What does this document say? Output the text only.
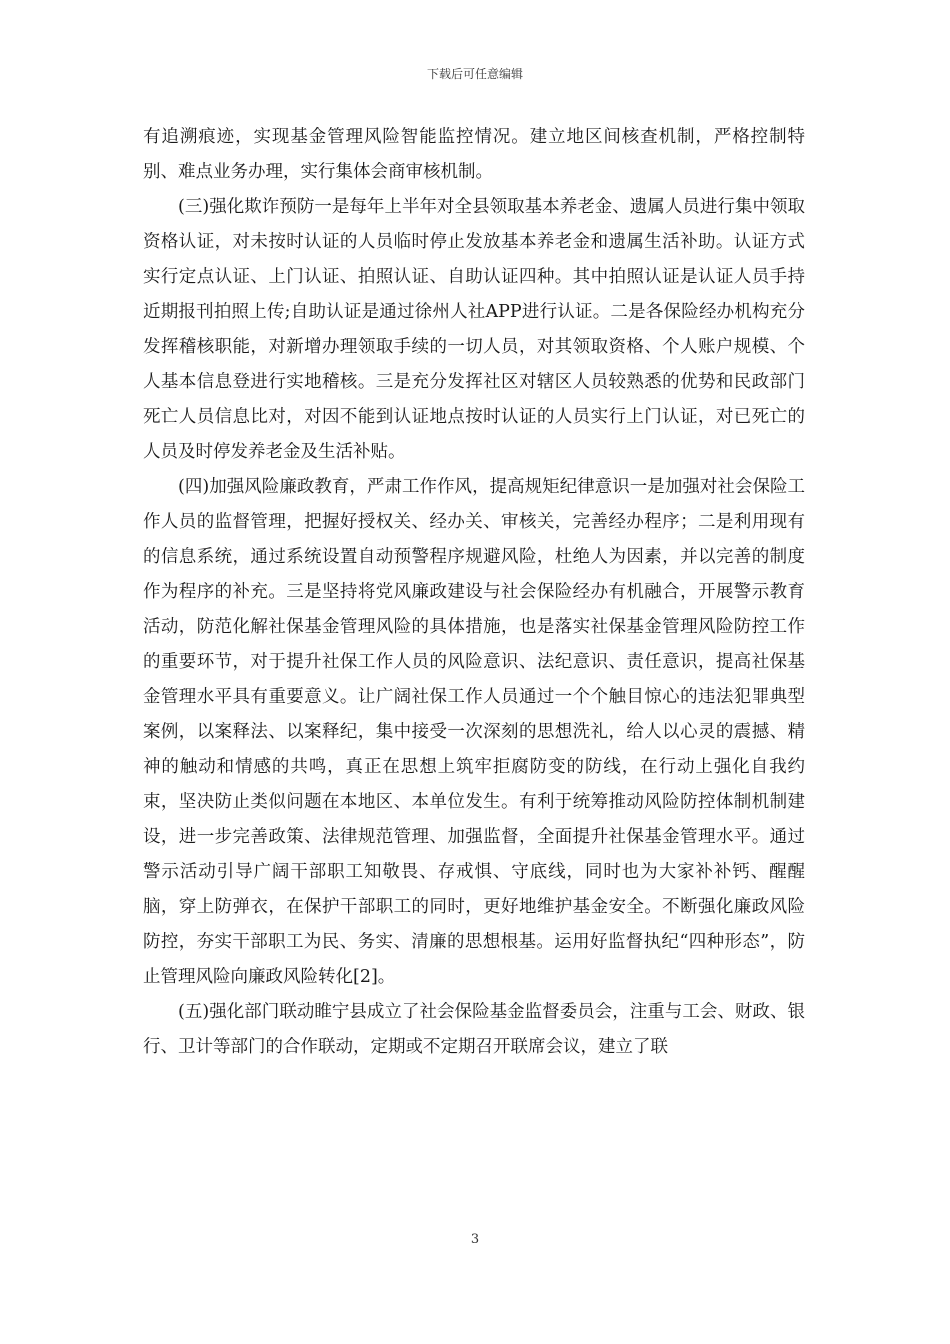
下载后可任意编辑

有追溯痕迹，实现基金管理风险智能监控情况。建立地区间核查机制，严格控制特别、难点业务办理，实行集体会商审核机制。

(三)强化欺诈预防一是每年上半年对全县领取基本养老金、遗属人员进行集中领取资格认证，对未按时认证的人员临时停止发放基本养老金和遗属生活补助。认证方式实行定点认证、上门认证、拍照认证、自助认证四种。其中拍照认证是认证人员手持近期报刊拍照上传;自助认证是通过徐州人社APP进行认证。二是各保险经办机构充分发挥稽核职能，对新增办理领取手续的一切人员，对其领取资格、个人账户规模、个人基本信息登进行实地稽核。三是充分发挥社区对辖区人员较熟悉的优势和民政部门死亡人员信息比对，对因不能到认证地点按时认证的人员实行上门认证，对已死亡的人员及时停发养老金及生活补贴。

(四)加强风险廉政教育，严肃工作作风，提高规矩纪律意识一是加强对社会保险工作人员的监督管理，把握好授权关、经办关、审核关，完善经办程序；二是利用现有的信息系统，通过系统设置自动预警程序规避风险，杜绝人为因素，并以完善的制度作为程序的补充。三是坚持将党风廉政建设与社会保险经办有机融合，开展警示教育活动，防范化解社保基金管理风险的具体措施，也是落实社保基金管理风险防控工作的重要环节，对于提升社保工作人员的风险意识、法纪意识、责任意识，提高社保基金管理水平具有重要意义。让广阔社保工作人员通过一个个触目惊心的违法犯罪典型案例，以案释法、以案释纪，集中接受一次深刻的思想洗礼，给人以心灵的震撼、精神的触动和情感的共鸣，真正在思想上筑牢拒腐防变的防线，在行动上强化自我约束，坚决防止类似问题在本地区、本单位发生。有利于统筹推动风险防控体制机制建设，进一步完善政策、法律规范管理、加强监督，全面提升社保基金管理水平。通过警示活动引导广阔干部职工知敬畏、存戒惧、守底线，同时也为大家补补钙、醒醒脑，穿上防弹衣，在保护干部职工的同时，更好地维护基金安全。不断强化廉政风险防控，夯实干部职工为民、务实、清廉的思想根基。运用好监督执纪“四种形态”，防止管理风险向廉政风险转化[2]。

(五)强化部门联动睢宁县成立了社会保险基金监督委员会，注重与工会、财政、银行、卫计等部门的合作联动，定期或不定期召开联席会议，建立了联

3
